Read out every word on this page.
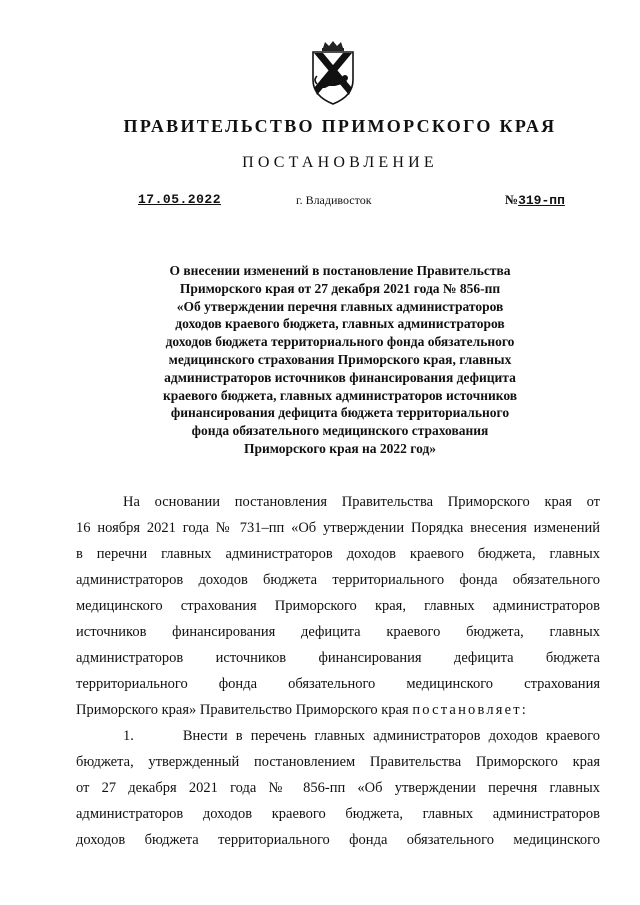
ПРАВИТЕЛЬСТВО ПРИМОРСКОГО КРАЯ
ПОСТАНОВЛЕНИЕ
17.05.2022	г. Владивосток	№319-пп
О внесении изменений в постановление Правительства
Приморского края от 27 декабря 2021 года № 856-пп
«Об утверждении перечня главных администраторов
доходов краевого бюджета, главных администраторов
доходов бюджета территориального фонда обязательного
медицинского страхования Приморского края, главных
администраторов источников финансирования дефицита
краевого бюджета, главных администраторов источников
финансирования дефицита бюджета территориального
фонда обязательного медицинского страхования
Приморского края на 2022 год»
На основании постановления Правительства Приморского края от
16 ноября 2021 года № 731–пп «Об утверждении Порядка внесения изменений
в перечни главных администраторов доходов краевого бюджета, главных
администраторов доходов бюджета территориального фонда обязательного
медицинского страхования Приморского края, главных администраторов
источников финансирования дефицита краевого бюджета, главных
администраторов источников финансирования дефицита бюджета
территориального фонда обязательного медицинского страхования
Приморского края» Правительство Приморского края постановляет:
1.      Внести в перечень главных администраторов доходов краевого
бюджета, утвержденный постановлением Правительства Приморского края
от 27 декабря 2021 года № 856-пп «Об утверждении перечня главных
администраторов доходов краевого бюджета, главных администраторов
доходов бюджета территориального фонда обязательного медицинского
